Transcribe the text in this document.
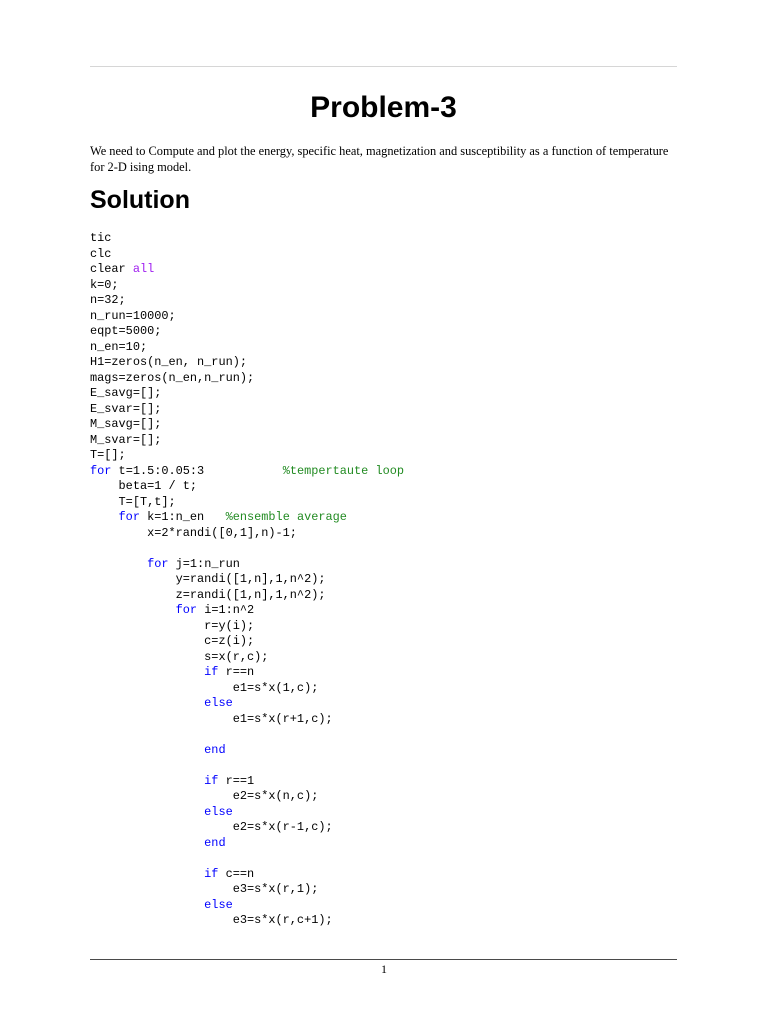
Problem-3
We need to Compute and plot the energy, specific heat, magnetization and susceptibility as a function of temperature
for 2-D ising model.
Solution
tic
clc
clear all
k=0;
n=32;
n_run=10000;
eqpt=5000;
n_en=10;
H1=zeros(n_en, n_run);
mags=zeros(n_en,n_run);
E_savg=[];
E_svar=[];
M_savg=[];
M_svar=[];
T=[];
for t=1.5:0.05:3           %tempertaute loop
beta=1 / t;
T=[T,t];
for k=1:n_en   %ensemble average
x=2*randi([0,1],n)-1;
for j=1:n_run
y=randi([1,n],1,n^2);
z=randi([1,n],1,n^2);
for i=1:n^2
r=y(i);
c=z(i);
s=x(r,c);
if r==n
e1=s*x(1,c);
else
e1=s*x(r+1,c);
end
if r==1
e2=s*x(n,c);
else
e2=s*x(r-1,c);
end
if c==n
e3=s*x(r,1);
else
e3=s*x(r,c+1);
1
